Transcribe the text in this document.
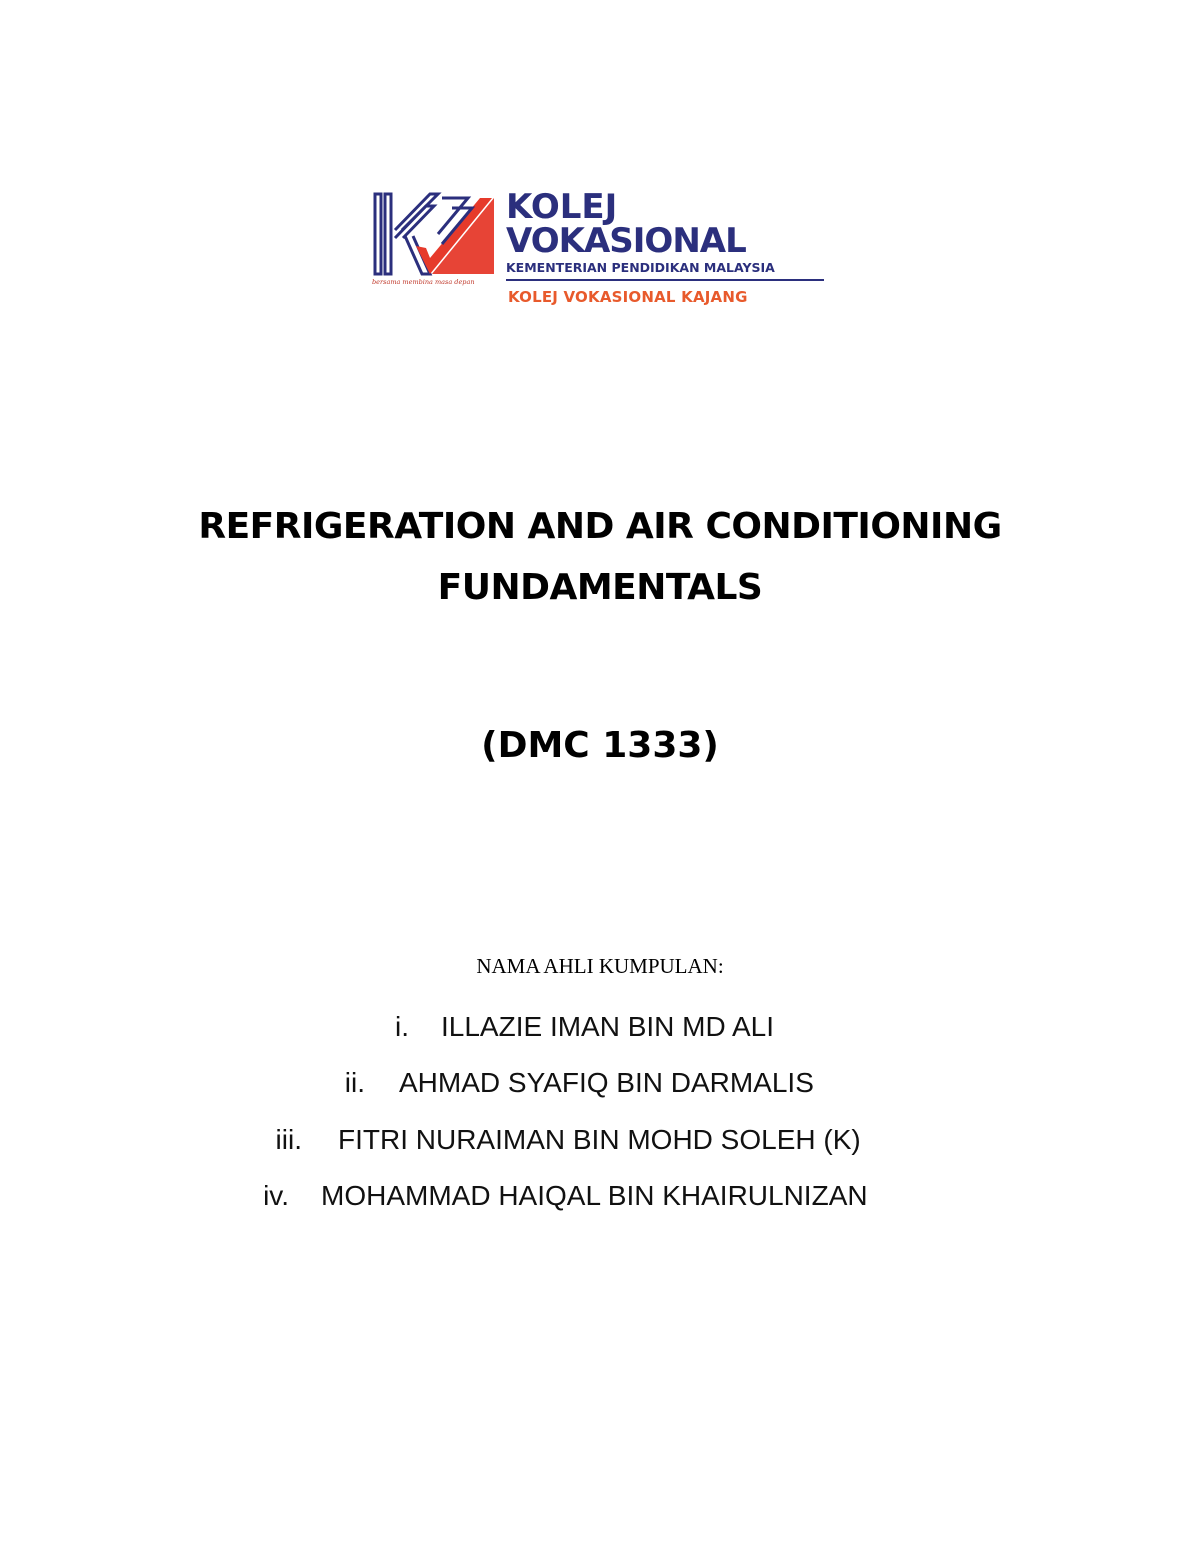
KOLEJ
VOKASIONAL
KEMENTERIAN PENDIDIKAN MALAYSIA
KOLEJ VOKASIONAL KAJANG
bersama membina masa depan
REFRIGERATION AND AIR CONDITIONING
FUNDAMENTALS
(DMC 1333)
NAMA AHLI KUMPULAN:
i. ILLAZIE IMAN BIN MD ALI
ii. AHMAD SYAFIQ BIN DARMALIS
iii. FITRI NURAIMAN BIN MOHD SOLEH (K)
iv. MOHAMMAD HAIQAL BIN KHAIRULNIZAN
